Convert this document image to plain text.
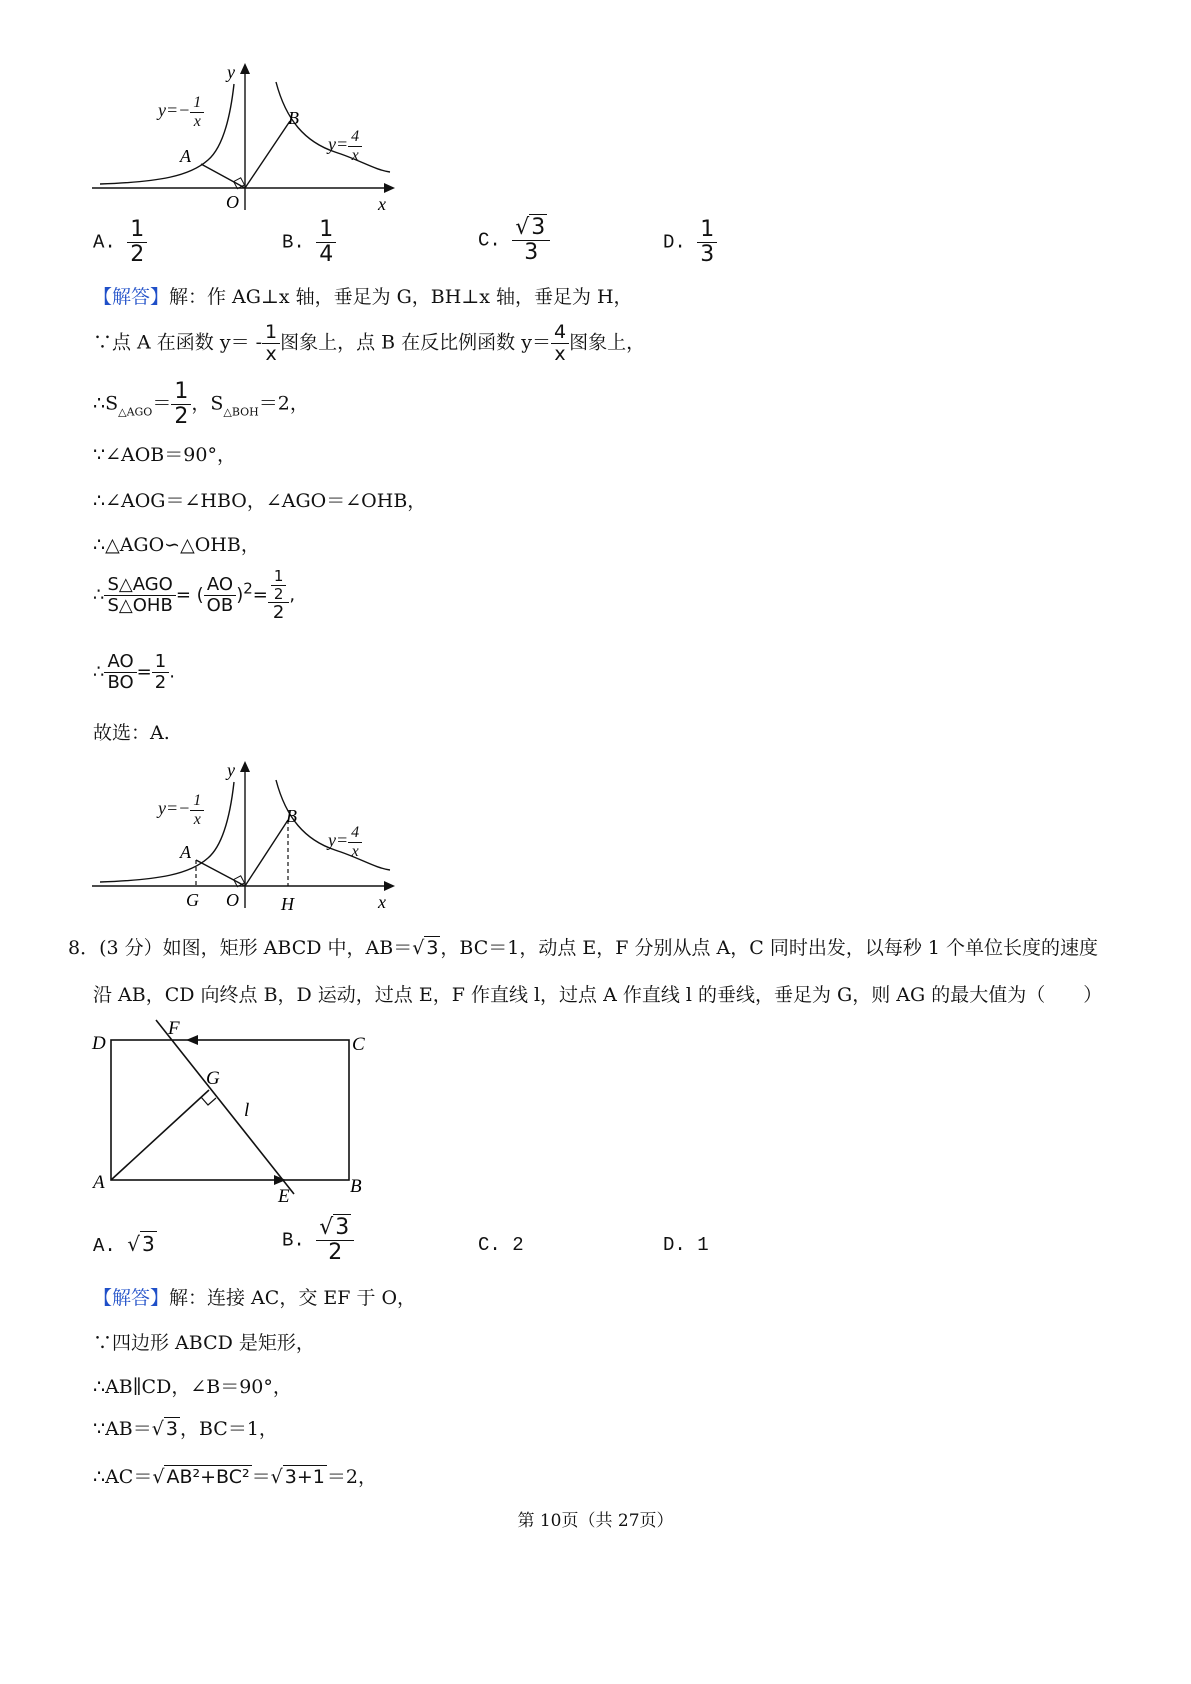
y
x
O
A
B
$y=- \frac{1}{x}$
$y= \frac{4}{x}$
A. $\frac{1}{2}$	B. $\frac{1}{4}$	C. $\frac{√3}{3}$	D. $\frac{1}{3}$
【解答】解：作 AG⊥x 轴，垂足为 G，BH⊥x 轴，垂足为 H，
∵点 A 在函数 $y= - \frac{1}{x}$ 图象上，点 B 在反比例函数 $y= \frac{4}{x}$ 图象上，
$\therefore S_{\triangle AGO}= \frac{1}{2}$ ，$S_{\triangle BOH}=2$，
∵∠AOB＝90°，
∴∠AOG＝∠HBO，∠AGO＝∠OHB，
∴△AGO∽△OHB，
∴ $\frac{\text{S△AGO}}{\text{S△OHB}}$ = ( $\frac{AO}{OB} )^2= \frac{\frac{1}{2}}{2}$ ,
∴ $\frac{AO}{BO} = \frac{1}{2}$ .
故选：A.
y
x
O
A
B
G	H
$y=- \frac{1}{x}$
$y= \frac{4}{x}$
8．(3 分）如图，矩形 ABCD 中，AB＝√ 3 ，BC＝1，动点 E，F 分别从点 A，C 同时出发，以每秒 1 个单位长度的速度
沿 AB，CD 向终点 B，D 运动，过点 E，F 作直线 l，过点 A 作直线 l 的垂线，垂足为 G，则 AG 的最大值为（　　）
D	C
A	B
F
G
E
l
A. √ 3	B. $\frac{√3}{2}$	C. 2	D. 1
【解答】解：连接 AC，交 EF 于 O，
∵四边形 ABCD 是矩形，
∴AB∥CD，∠B＝90°，
∵AB＝√ 3 ，BC＝1，
∴AC＝√ AB²+BC² ＝√ 3+1 ＝2，
第 10页（共 27页）
